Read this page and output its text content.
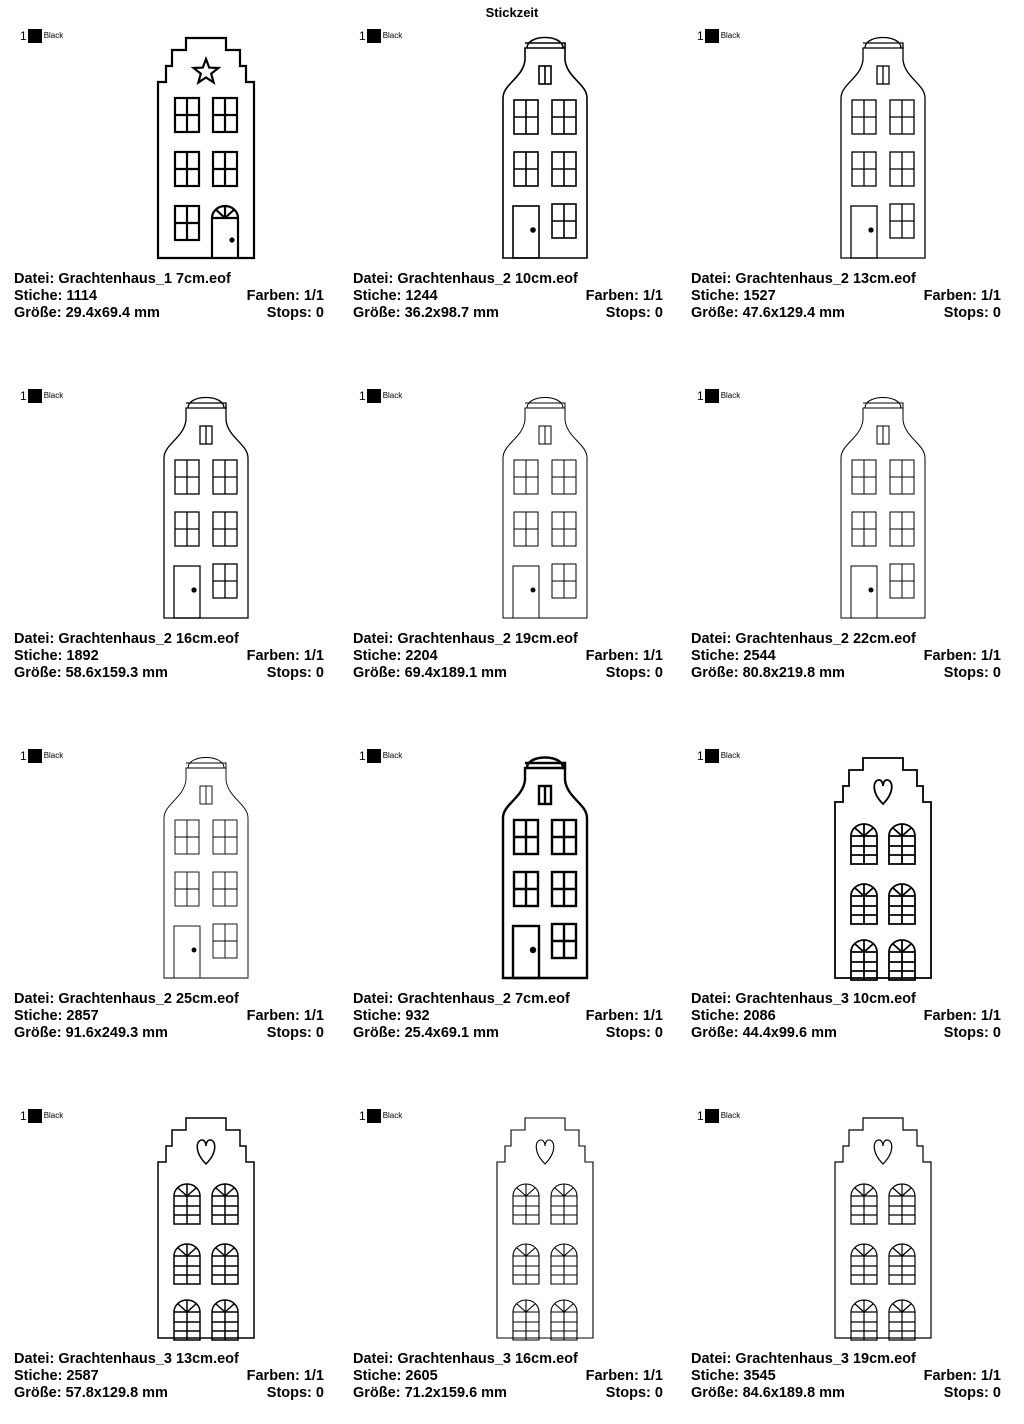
Stickzeit
1 Black
Datei: Grachtenhaus_1 7cm.eof
Stiche: 1114	Farben: 1/1
Größe: 29.4x69.4 mm	Stops: 0
1 Black
Datei: Grachtenhaus_2 10cm.eof
Stiche: 1244	Farben: 1/1
Größe: 36.2x98.7 mm	Stops: 0
1 Black
Datei: Grachtenhaus_2 13cm.eof
Stiche: 1527	Farben: 1/1
Größe: 47.6x129.4 mm	Stops: 0
1 Black
Datei: Grachtenhaus_2 16cm.eof
Stiche: 1892	Farben: 1/1
Größe: 58.6x159.3 mm	Stops: 0
1 Black
Datei: Grachtenhaus_2 19cm.eof
Stiche: 2204	Farben: 1/1
Größe: 69.4x189.1 mm	Stops: 0
1 Black
Datei: Grachtenhaus_2 22cm.eof
Stiche: 2544	Farben: 1/1
Größe: 80.8x219.8 mm	Stops: 0
1 Black
Datei: Grachtenhaus_2 25cm.eof
Stiche: 2857	Farben: 1/1
Größe: 91.6x249.3 mm	Stops: 0
1 Black
Datei: Grachtenhaus_2 7cm.eof
Stiche: 932	Farben: 1/1
Größe: 25.4x69.1 mm	Stops: 0
1 Black
Datei: Grachtenhaus_3 10cm.eof
Stiche: 2086	Farben: 1/1
Größe: 44.4x99.6 mm	Stops: 0
1 Black
Datei: Grachtenhaus_3 13cm.eof
Stiche: 2587	Farben: 1/1
Größe: 57.8x129.8 mm	Stops: 0
1 Black
Datei: Grachtenhaus_3 16cm.eof
Stiche: 2605	Farben: 1/1
Größe: 71.2x159.6 mm	Stops: 0
1 Black
Datei: Grachtenhaus_3 19cm.eof
Stiche: 3545	Farben: 1/1
Größe: 84.6x189.8 mm	Stops: 0
